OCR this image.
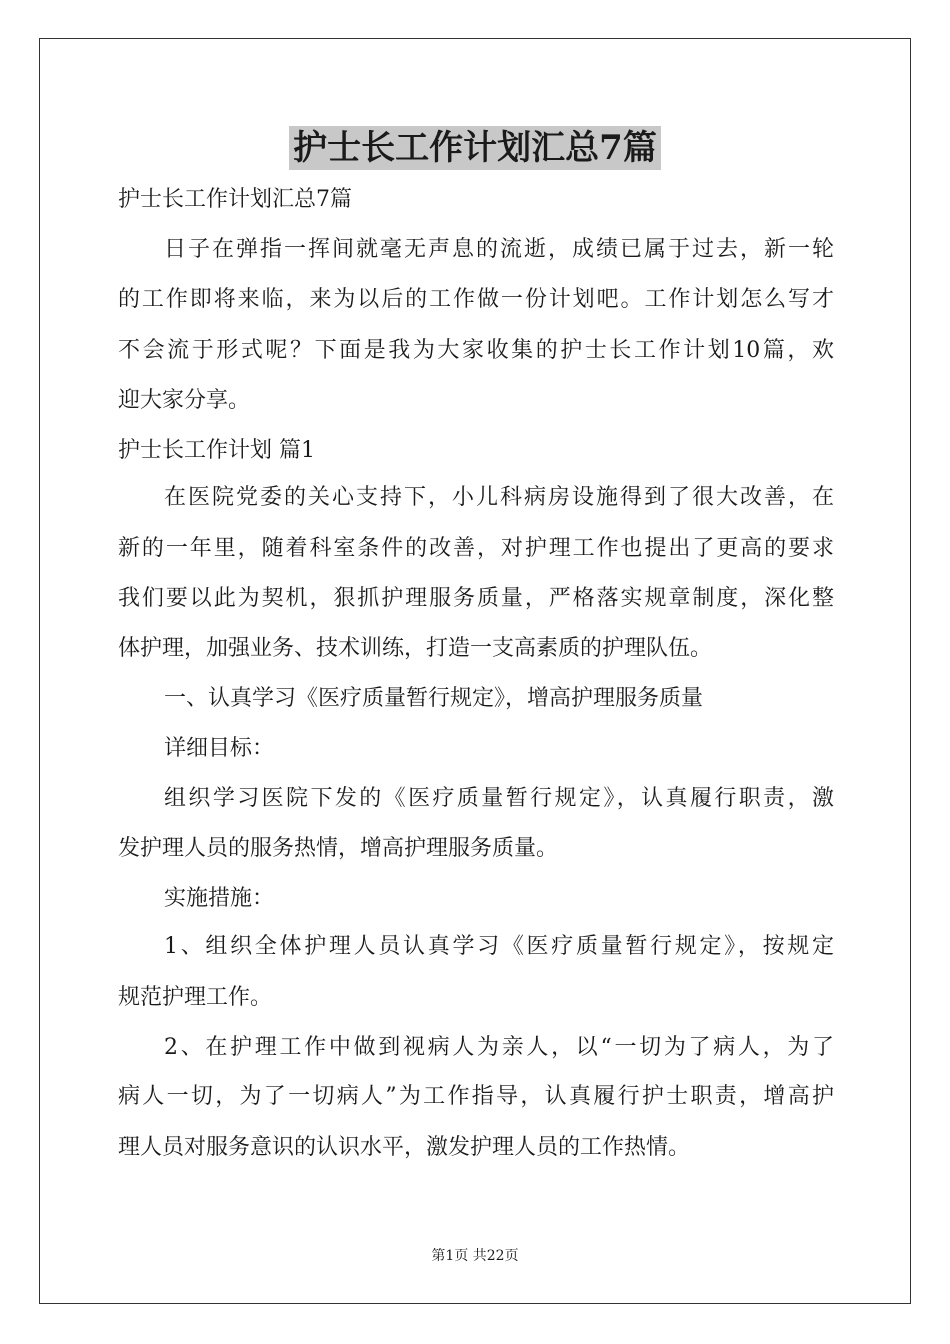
护士长工作计划汇总7篇

护士长工作计划汇总7篇

日子在弹指一挥间就毫无声息的流逝，成绩已属于过去，新一轮

的工作即将来临，来为以后的工作做一份计划吧。工作计划怎么写才

不会流于形式呢？下面是我为大家收集的护士长工作计划10篇，欢

迎大家分享。

护士长工作计划 篇1

在医院党委的关心支持下，小儿科病房设施得到了很大改善，在

新的一年里，随着科室条件的改善，对护理工作也提出了更高的要求

我们要以此为契机，狠抓护理服务质量，严格落实规章制度，深化整

体护理，加强业务、技术训练，打造一支高素质的护理队伍。

一、认真学习《医疗质量暂行规定》，增高护理服务质量

详细目标：

组织学习医院下发的《医疗质量暂行规定》，认真履行职责，激

发护理人员的服务热情，增高护理服务质量。

实施措施：

1、组织全体护理人员认真学习《医疗质量暂行规定》，按规定

规范护理工作。

2、在护理工作中做到视病人为亲人，以“一切为了病人，为了

病人一切，为了一切病人”为工作指导，认真履行护士职责，增高护

理人员对服务意识的认识水平，激发护理人员的工作热情。

第1页 共22页
